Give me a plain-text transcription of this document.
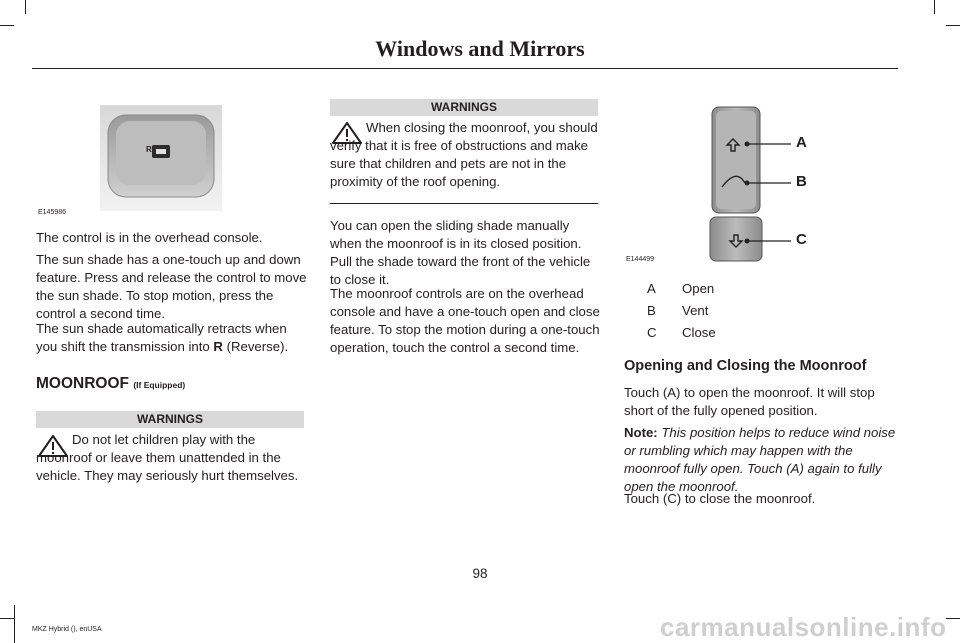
Windows and Mirrors
R
E145986

The control is in the overhead console.

The sun shade has a one-touch up and down feature. Press and release the control to move the sun shade. To stop motion, press the control a second time.

The sun shade automatically retracts when you shift the transmission into R (Reverse).

MOONROOF (If Equipped)
WARNINGS
Do not let children play with the moonroof or leave them unattended in the vehicle. They may seriously hurt themselves.
WARNINGS
When closing the moonroof, you should verify that it is free of obstructions and make sure that children and pets are not in the proximity of the roof opening.

You can open the sliding shade manually when the moonroof is in its closed position. Pull the shade toward the front of the vehicle to close it.

The moonroof controls are on the overhead console and have a one-touch open and close feature. To stop the motion during a one-touch operation, touch the control a second time.

A
B
C
E144499
A Open
B Vent
C Close
Opening and Closing the Moonroof

Touch (A) to open the moonroof. It will stop short of the fully opened position.

Note: This position helps to reduce wind noise or rumbling which may happen with the moonroof fully open. Touch (A) again to fully open the moonroof.

Touch (C) to close the moonroof.

98
MKZ Hybrid (), enUSA	carmanualsonline.info
